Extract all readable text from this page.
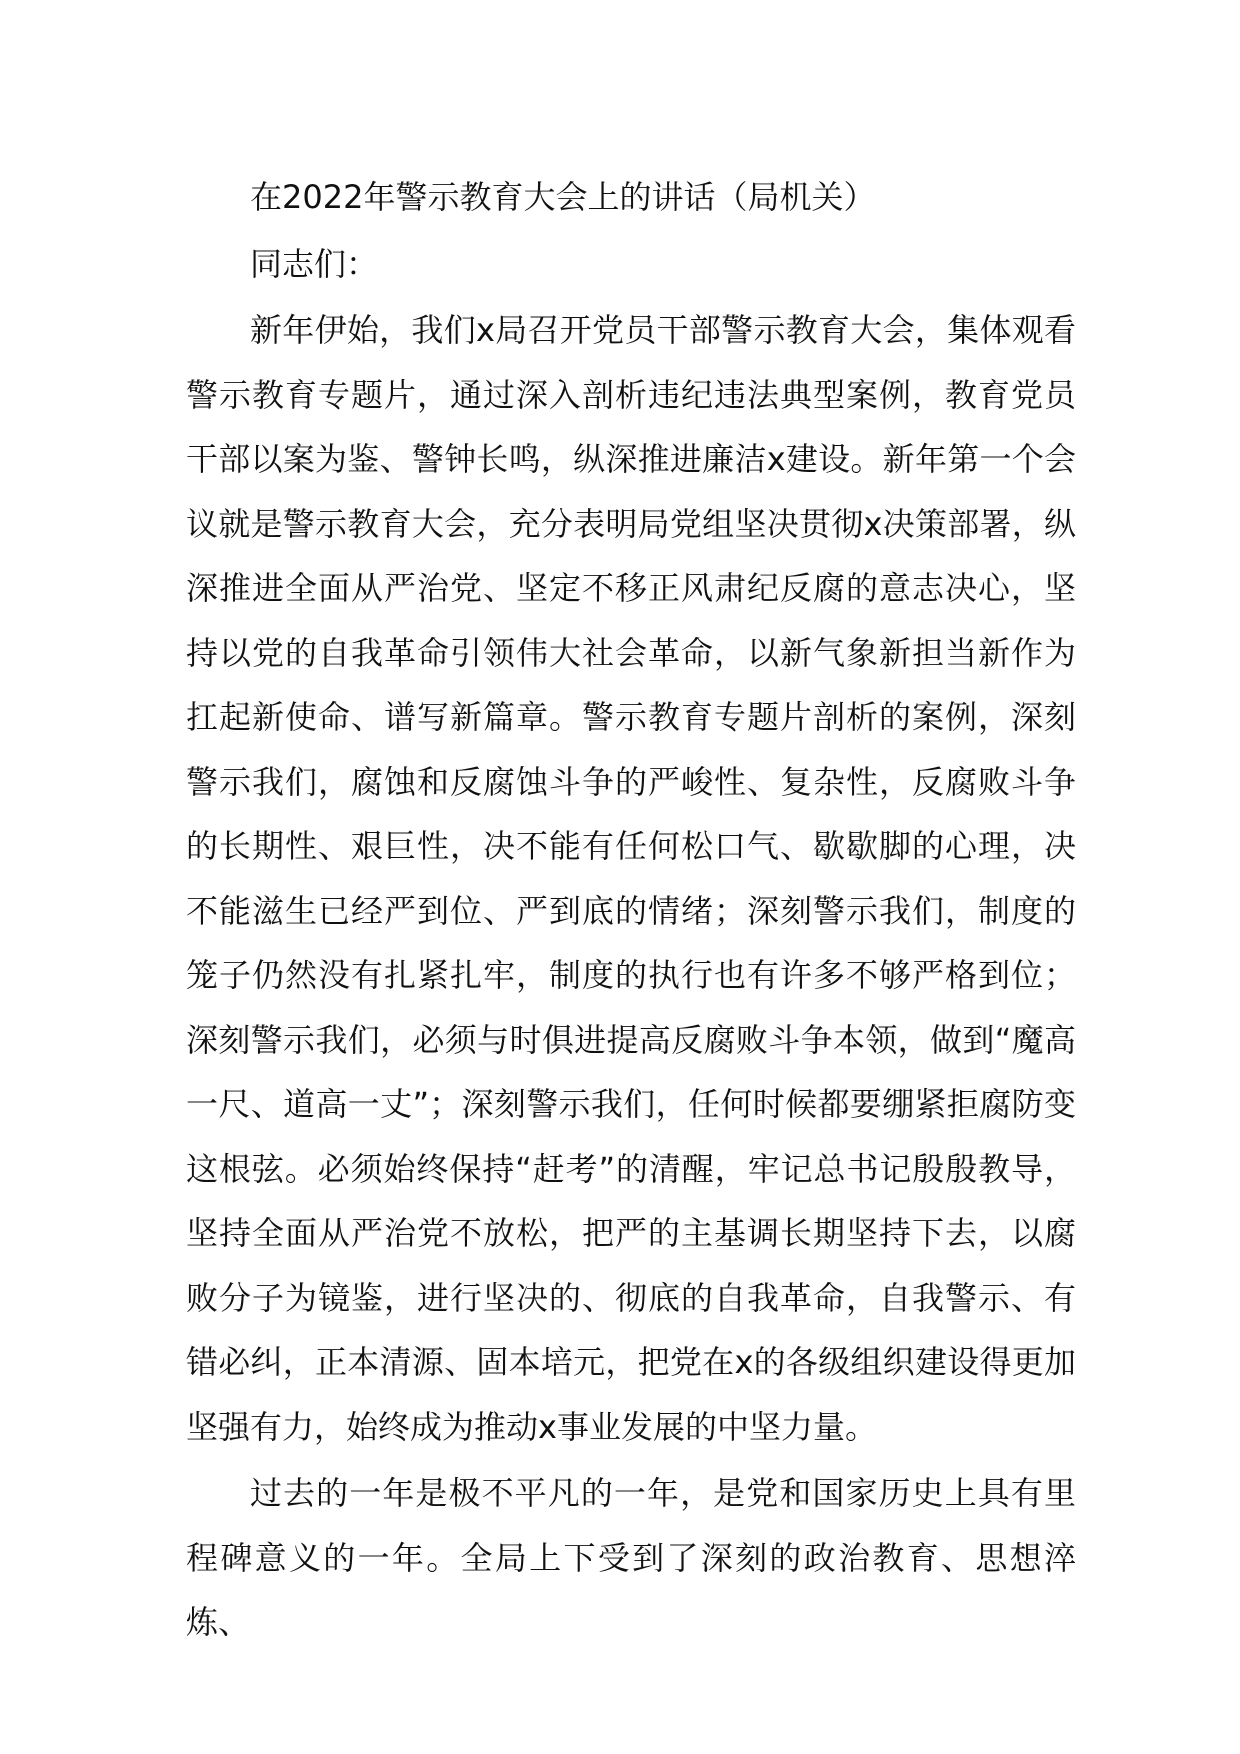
在2022年警示教育大会上的讲话（局机关）
同志们：

新年伊始，我们x局召开党员干部警示教育大会，集体观看警示教育专题片，通过深入剖析违纪违法典型案例，教育党员干部以案为鉴、警钟长鸣，纵深推进廉洁x建设。新年第一个会议就是警示教育大会，充分表明局党组坚决贯彻x决策部署，纵深推进全面从严治党、坚定不移正风肃纪反腐的意志决心，坚持以党的自我革命引领伟大社会革命，以新气象新担当新作为扛起新使命、谱写新篇章。警示教育专题片剖析的案例，深刻警示我们，腐蚀和反腐蚀斗争的严峻性、复杂性，反腐败斗争的长期性、艰巨性，决不能有任何松口气、歇歇脚的心理，决不能滋生已经严到位、严到底的情绪；深刻警示我们，制度的笼子仍然没有扎紧扎牢，制度的执行也有许多不够严格到位；深刻警示我们，必须与时俱进提高反腐败斗争本领，做到“魔高一尺、道高一丈”；深刻警示我们，任何时候都要绷紧拒腐防变这根弦。必须始终保持“赶考”的清醒，牢记总书记殷殷教导，坚持全面从严治党不放松，把严的主基调长期坚持下去，以腐败分子为镜鉴，进行坚决的、彻底的自我革命，自我警示、有错必纠，正本清源、固本培元，把党在x的各级组织建设得更加坚强有力，始终成为推动x事业发展的中坚力量。

过去的一年是极不平凡的一年，是党和国家历史上具有里程碑意义的一年。全局上下受到了深刻的政治教育、思想淬炼、
